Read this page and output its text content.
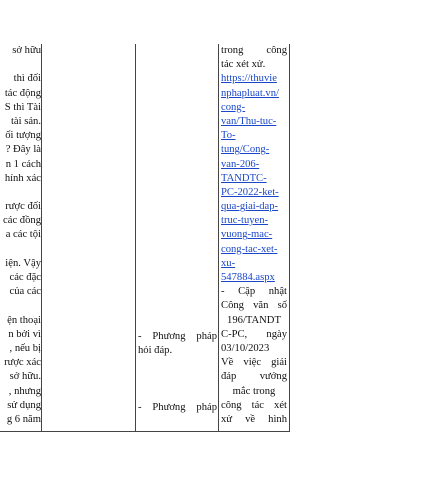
sở hữu
thì đối
tác động
S thì Tài
tài sản.
ối tượng
? Đây là
n 1 cách
hính xác
rược đối
các đồng
a các tội
iện. Vậy
các đặc
của các
ện thoại
n bởi vì
, nếu bị
rược xác
sở hữu.
, nhưng
sử dụng
g 6 năm
- Phương pháp
hỏi đáp.
- Phương pháp
trong công
tác xét xử.
https://thuvie
nphapluat.vn/
cong-
van/Thu-tuc-
To-
tung/Cong-
van-206-
TANDTC-
PC-2022-ket-
qua-giai-dap-
truc-tuyen-
vuong-mac-
cong-tac-xet-
xu-
547884.aspx
- Cập nhật
Công văn số
196/TANDT
C-PC, ngày
03/10/2023
Về việc giải
đáp vướng
mắc trong
công tác xét
xử về hình
